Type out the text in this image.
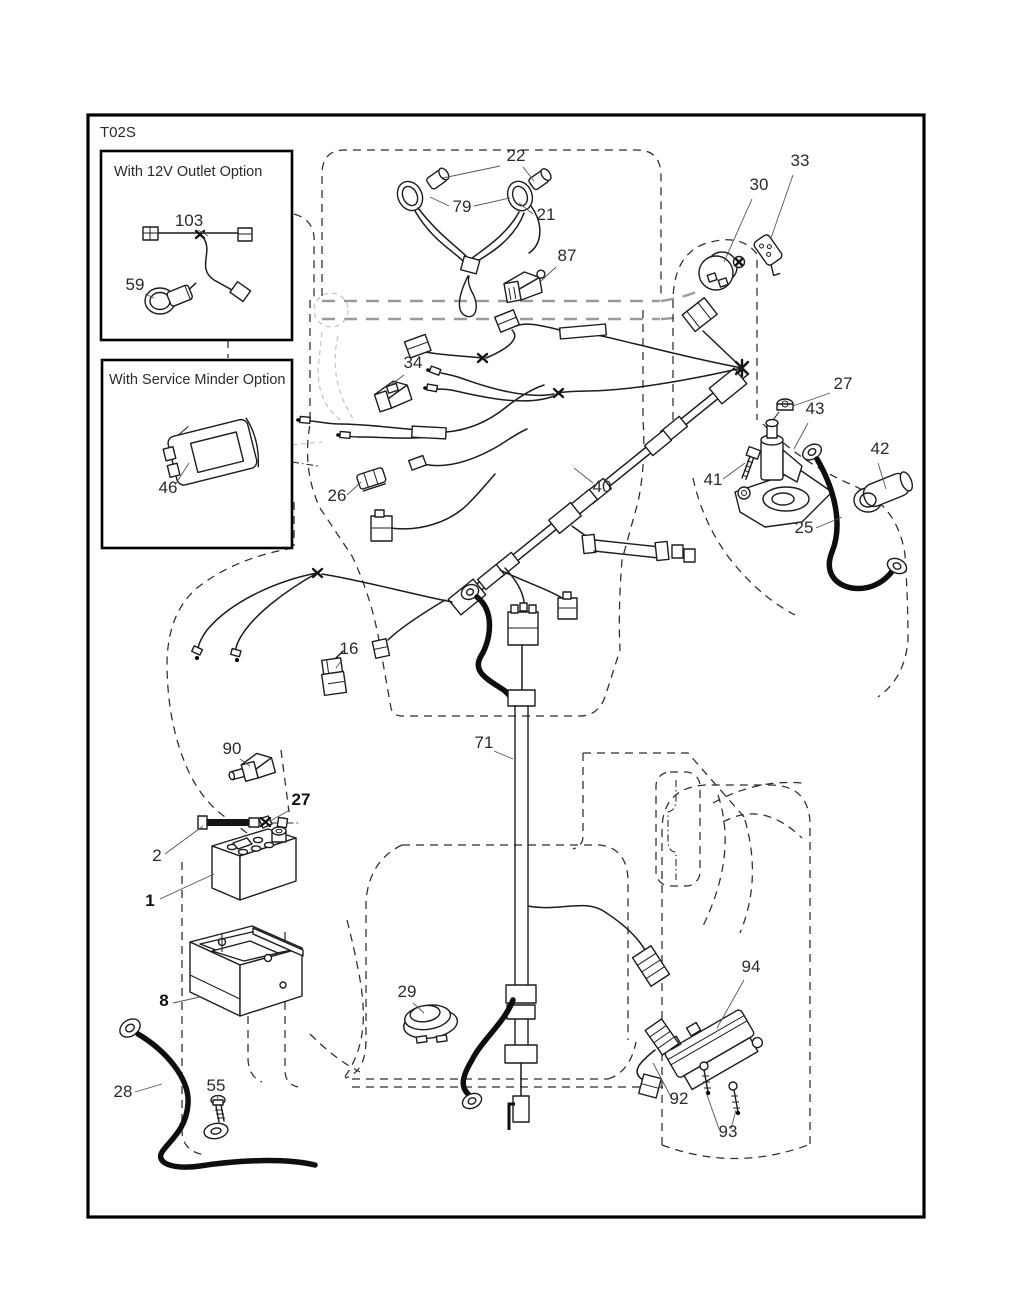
T02S
With 12V Outlet Option
With Service Minder Option
22
79	21
87
30
33
27
43
42
41
25
40
34
26
16
90
27
2
1
8	29
71
28	55
94
92
93
103
59
46
